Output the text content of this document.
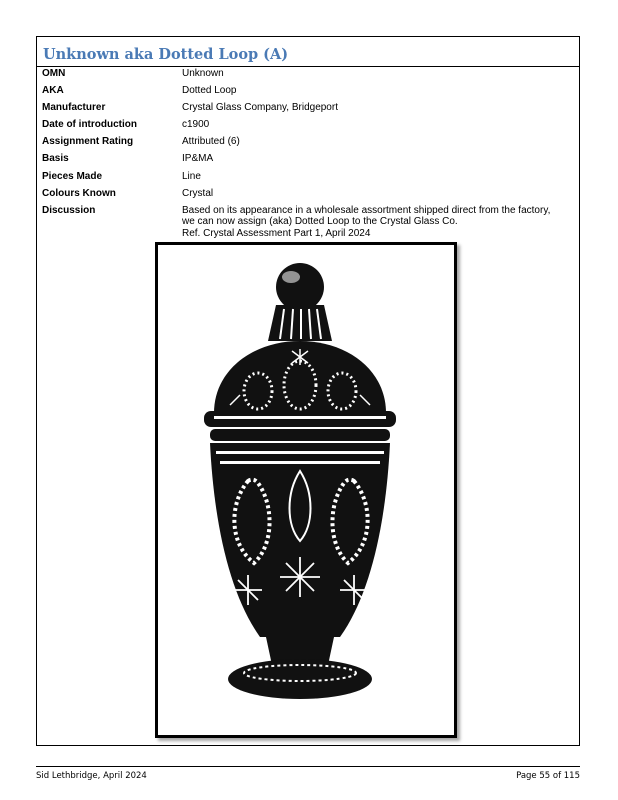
Unknown aka Dotted Loop (A)
OMN	Unknown
AKA	Dotted Loop
Manufacturer	Crystal Glass Company, Bridgeport
Date of introduction	c1900
Assignment Rating	Attributed (6)
Basis	IP&MA
Pieces Made	Line
Colours Known	Crystal
Discussion	Based on its appearance in a wholesale assortment shipped direct from the factory,
we can now assign (aka) Dotted Loop to the Crystal Glass Co.
Ref. Crystal Assessment Part 1, April 2024
Sid Lethbridge, April 2024	Page 55 of 115
